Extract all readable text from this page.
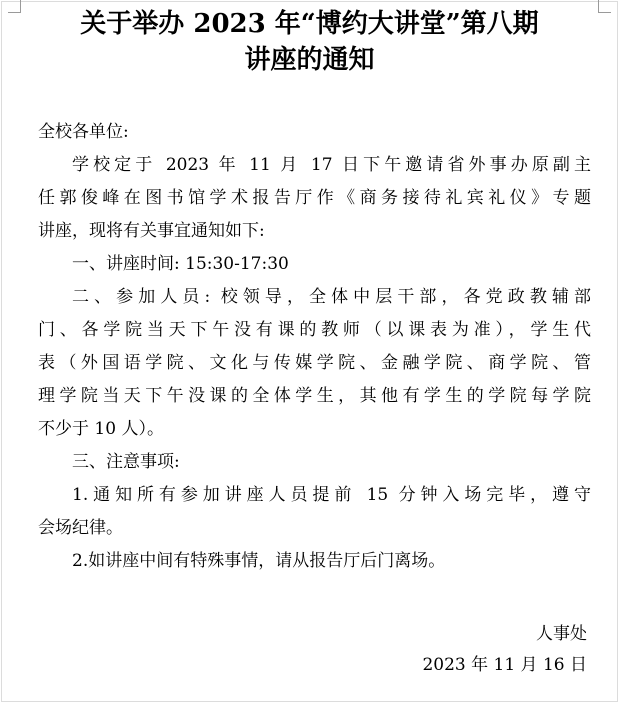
关于举办 2023 年“博约大讲堂”第八期
讲座的通知
全校各单位:
学校定于 2023 年 11 月 17 日下午邀请省外事办原副主
任郭俊峰在图书馆学术报告厅作《商务接待礼宾礼仪》专题
讲座，现将有关事宜通知如下:
一、讲座时间: 15:30-17:30
二、参加人员: 校领导，全体中层干部，各党政教辅部
门、各学院当天下午没有课的教师（以课表为准），学生代
表（外国语学院、文化与传媒学院、金融学院、商学院、管
理学院当天下午没课的全体学生，其他有学生的学院每学院
不少于 10 人）。
三、注意事项:
1.通知所有参加讲座人员提前 15 分钟入场完毕，遵守
会场纪律。
2.如讲座中间有特殊事情，请从报告厅后门离场。
人事处
2023 年 11 月 16 日
